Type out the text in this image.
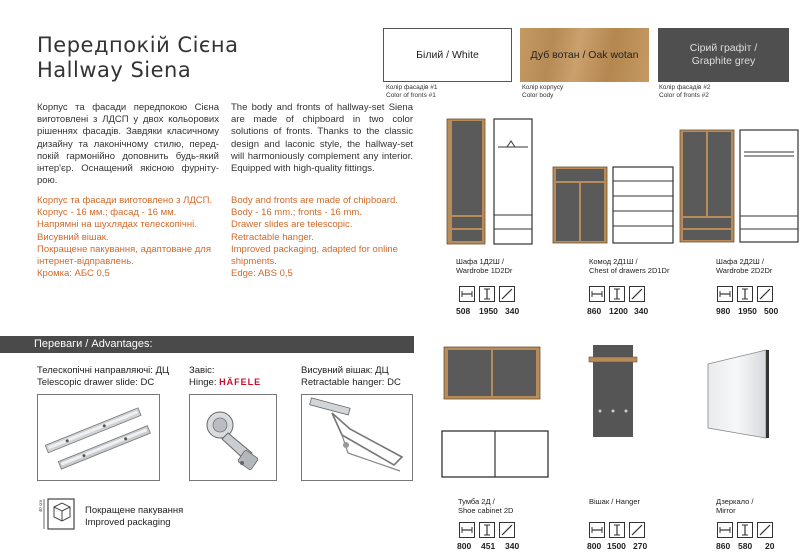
Передпокій Сієна
Hallway Siena
Білий / White	Дуб вотан / Oak wotan
Сірий графіт / Graphite grey
Колір фасадів #1
Color of fronts #1
Колір корпусу
Color body
Колір фасадів #2
Color of fronts #2
Корпус та фасади передпокою Сієна виготовлені з ЛДСП у двох кольорових рішеннях фасадів. Завдяки класичному дизайну та лаконічному стилю, перед-покій гармонійно доповнить будь-який інтер'єр. Оснащений якісною фурніту-рою.
The body and fronts of hallway-set Siena are made of chipboard in two color solutions of fronts. Thanks to the classic design and laconic style, the hallway-set will harmoniously complement any interior. Equipped with high-quality fittings.
Корпус та фасади виготовлено з ЛДСП.
Корпус - 16 мм.; фасад - 16 мм.
Напрямні на шухлядах телескопічні.
Висувний вішак.
Покращене пакування, адаптоване для інтернет-відправлень.
Кромка: АБС 0,5
Body and fronts are made of chipboard.
Body - 16 mm.; fronts - 16 mm.
Drawer slides are telescopic.
Retractable hanger.
Improved packaging, adapted for online shipments.
Edge: ABS 0,5
Переваги / Advantages:
Телескопічні направляючі: ДЦ
Telescopic drawer slide: DC
Завіс:
Hinge: HÄFELE
Висувний вішак: ДЦ
Retractable hanger: DC
40 cm	Покращене пакування
Improved packaging
Шафа 1Д2Ш /
Wardrobe 1D2Dr
508 1950 340
Комод 2Д1Ш /
Chest of drawers 2D1Dr
860 1200 340
Шафа 2Д2Ш /
Wardrobe 2D2Dr
980 1950 500
Тумба 2Д /
Shoe cabinet 2D
800 451 340
Вішак / Hanger
800 1500 270
Дзеркало /
Mirror
860 580 20
